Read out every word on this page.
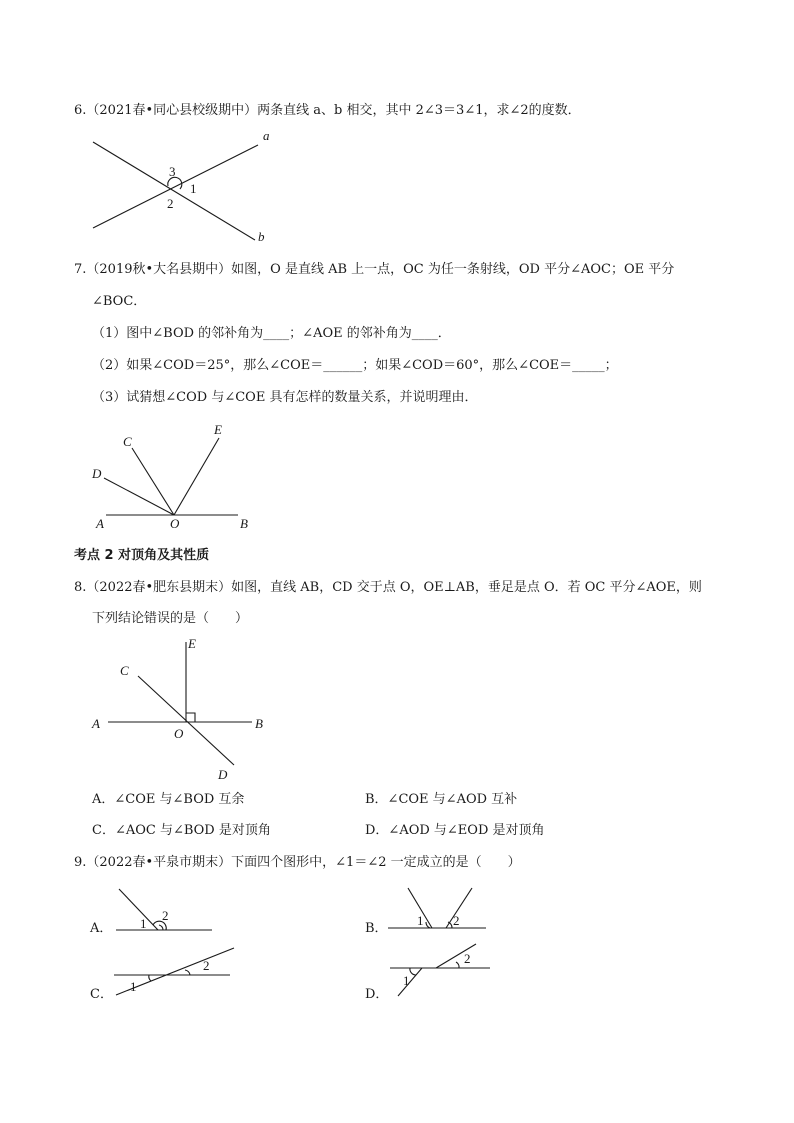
6.（2021春•同心县校级期中）两条直线 a、b 相交，其中 2∠3＝3∠1，求∠2的度数．
a
b
3
1
2
7.（2019秋•大名县期中）如图，O 是直线 AB 上一点，OC 为任一条射线，OD 平分∠AOC；OE 平分
∠BOC．
（1）图中∠BOD 的邻补角为____；∠AOE 的邻补角为____．
（2）如果∠COD＝25°，那么∠COE＝______；如果∠COD＝60°，那么∠COE＝_____；
（3）试猜想∠COD 与∠COE 具有怎样的数量关系，并说明理由．
A	O	B
C
D
E
考点 2 对顶角及其性质
8.（2022春•肥东县期末）如图，直线 AB，CD 交于点 O，OE⊥AB，垂足是点 O．若 OC 平分∠AOE，则
下列结论错误的是（　　）
A	B
C
D
E
O
A．∠COE 与∠BOD 互余	B．∠COE 与∠AOD 互补
C．∠AOC 与∠BOD 是对顶角	D．∠AOD 与∠EOD 是对顶角
9.（2022春•平泉市期末）下面四个图形中，∠1＝∠2 一定成立的是（　　）
A．	B．
C．	D．
1
2	1 2
1
2
1
2
